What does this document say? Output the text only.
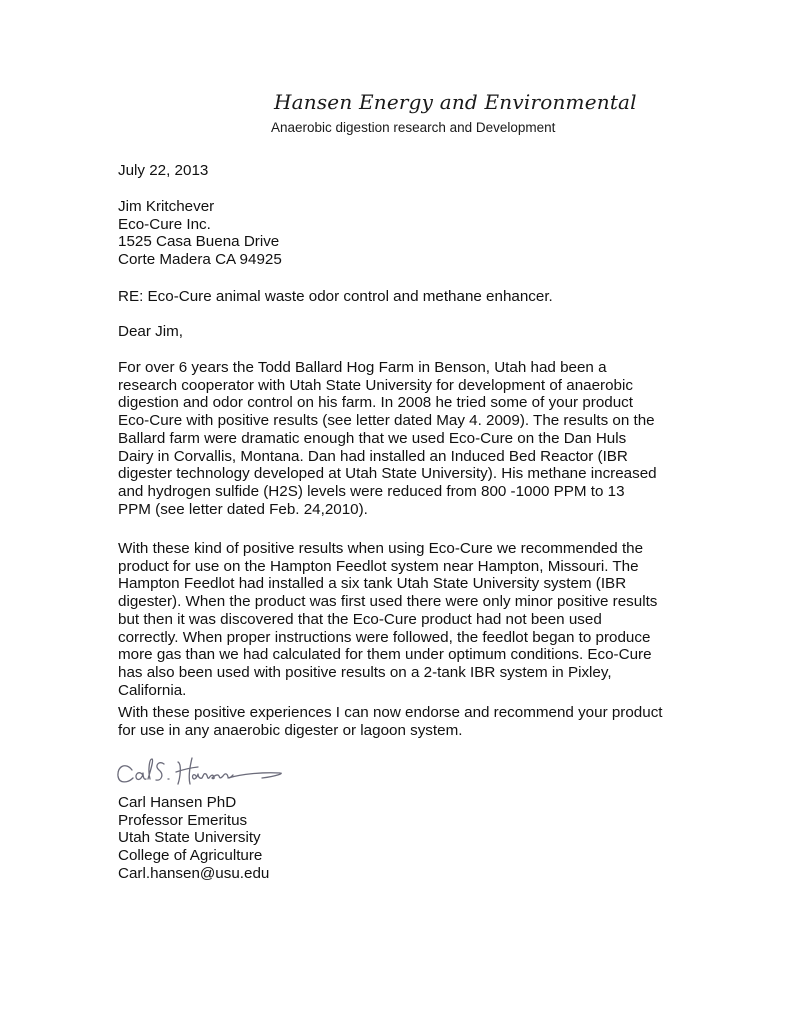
Hansen Energy and Environmental
Anaerobic digestion research and Development
July 22, 2013
Jim Kritchever
Eco-Cure Inc.
1525 Casa Buena Drive
Corte Madera CA 94925
RE: Eco-Cure animal waste odor control and methane enhancer.
Dear Jim,
For over 6 years the Todd Ballard Hog Farm in Benson, Utah had been a
research cooperator with Utah State University for development of anaerobic
digestion and odor control on his farm. In 2008 he tried some of your product
Eco-Cure with positive results (see letter dated May 4. 2009). The results on the
Ballard farm were dramatic enough that we used Eco-Cure on the Dan Huls
Dairy in Corvallis, Montana. Dan had installed an Induced Bed Reactor (IBR
digester technology developed at Utah State University). His methane increased
and hydrogen sulfide (H2S) levels were reduced from 800 -1000 PPM to 13
PPM (see letter dated Feb. 24,2010).
With these kind of positive results when using Eco-Cure we recommended the
product for use on the Hampton Feedlot system near Hampton, Missouri. The
Hampton Feedlot had installed a six tank Utah State University system (IBR
digester). When the product was first used there were only minor positive results
but then it was discovered that the Eco-Cure product had not been used
correctly. When proper instructions were followed, the feedlot began to produce
more gas than we had calculated for them under optimum conditions. Eco-Cure
has also been used with positive results on a 2-tank IBR system in Pixley,
California.
With these positive experiences I can now endorse and recommend your product
for use in any anaerobic digester or lagoon system.
Carl Hansen PhD
Professor Emeritus
Utah State University
College of Agriculture
Carl.hansen@usu.edu
